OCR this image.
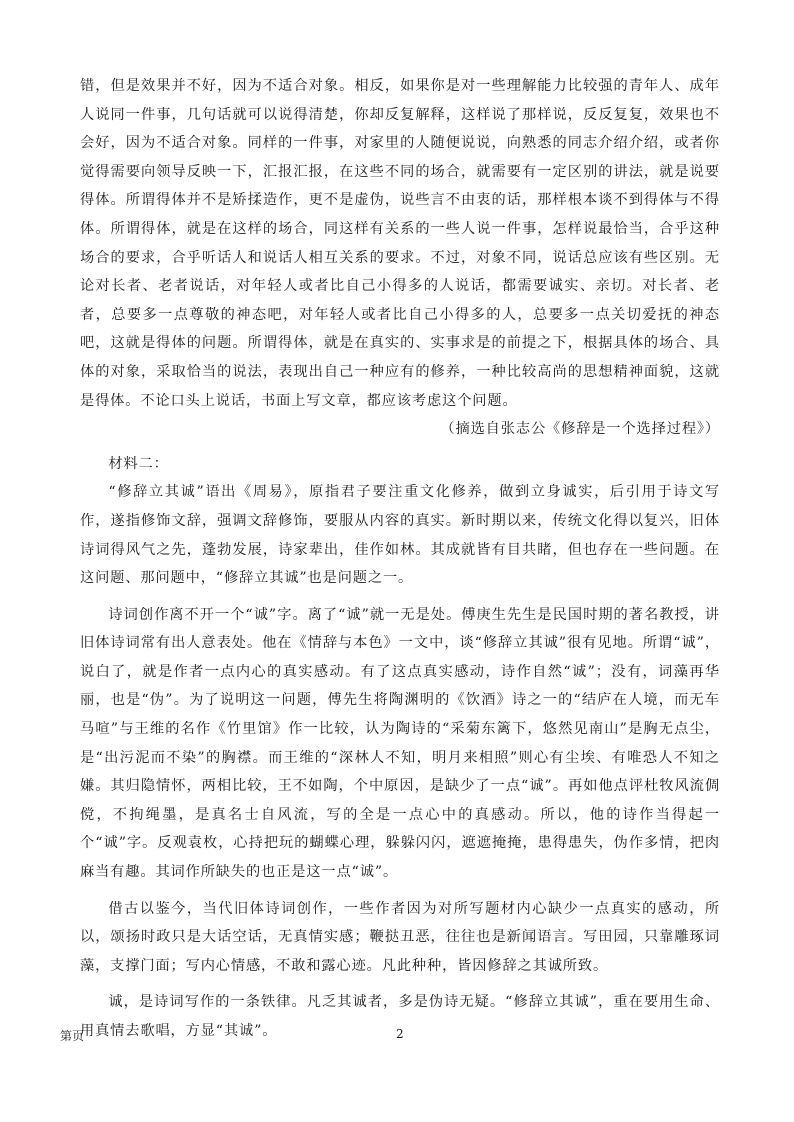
错，但是效果并不好，因为不适合对象。相反，如果你是对一些理解能力比较强的青年人、成年人说同一件事，几句话就可以说得清楚，你却反复解释，这样说了那样说，反反复复，效果也不会好，因为不适合对象。同样的一件事，对家里的人随便说说，向熟悉的同志介绍介绍，或者你觉得需要向领导反映一下，汇报汇报，在这些不同的场合，就需要有一定区别的讲法，就是说要得体。所谓得体并不是矫揉造作，更不是虚伪，说些言不由衷的话，那样根本谈不到得体与不得体。所谓得体，就是在这样的场合，同这样有关系的一些人说一件事，怎样说最恰当，合乎这种场合的要求，合乎听话人和说话人相互关系的要求。不过，对象不同，说话总应该有些区别。无论对长者、老者说话，对年轻人或者比自己小得多的人说话，都需要诚实、亲切。对长者、老者，总要多一点尊敬的神态吧，对年轻人或者比自己小得多的人，总要多一点关切爱抚的神态吧，这就是得体的问题。所谓得体，就是在真实的、实事求是的前提之下，根据具体的场合、具体的对象，采取恰当的说法，表现出自己一种应有的修养，一种比较高尚的思想精神面貌，这就是得体。不论口头上说话，书面上写文章，都应该考虑这个问题。

（摘选自张志公《修辞是一个选择过程》）

材料二：

“修辞立其诚”语出《周易》，原指君子要注重文化修养，做到立身诚实，后引用于诗文写作，遂指修饰文辞，强调文辞修饰，要服从内容的真实。新时期以来，传统文化得以复兴，旧体诗词得风气之先，蓬勃发展，诗家辈出，佳作如林。其成就皆有目共睹，但也存在一些问题。在这问题、那问题中，“修辞立其诚”也是问题之一。

诗词创作离不开一个“诚”字。离了“诚”就一无是处。傅庚生先生是民国时期的著名教授，讲旧体诗词常有出人意表处。他在《情辞与本色》一文中，谈“修辞立其诚”很有见地。所谓“诚”，说白了，就是作者一点内心的真实感动。有了这点真实感动，诗作自然“诚”；没有，词藻再华丽，也是“伪”。为了说明这一问题，傅先生将陶渊明的《饮酒》诗之一的“结庐在人境，而无车马喧”与王维的名作《竹里馆》作一比较，认为陶诗的“采菊东篱下，悠然见南山”是胸无点尘，是“出污泥而不染”的胸襟。而王维的“深林人不知，明月来相照”则心有尘埃、有唯恐人不知之嫌。其归隐情怀，两相比较，王不如陶，个中原因，是缺少了一点“诚”。再如他点评杜牧风流倜傥，不拘绳墨，是真名士自风流，写的全是一点心中的真感动。所以，他的诗作当得起一个“诚”字。反观袁枚，心持把玩的蝴蝶心理，躲躲闪闪，遮遮掩掩，患得患失，伪作多情，把肉麻当有趣。其词作所缺失的也正是这一点“诚”。

借古以鉴今，当代旧体诗词创作，一些作者因为对所写题材内心缺少一点真实的感动，所以，颂扬时政只是大话空话，无真情实感；鞭挞丑恶，往往也是新闻语言。写田园，只靠雕琢词藻，支撑门面；写内心情感，不敢和露心迹。凡此种种，皆因修辞之其诚所致。

诚，是诗词写作的一条铁律。凡乏其诚者，多是伪诗无疑。“修辞立其诚”，重在要用生命、用真情去歌唱，方显“其诚”。

第页	2
